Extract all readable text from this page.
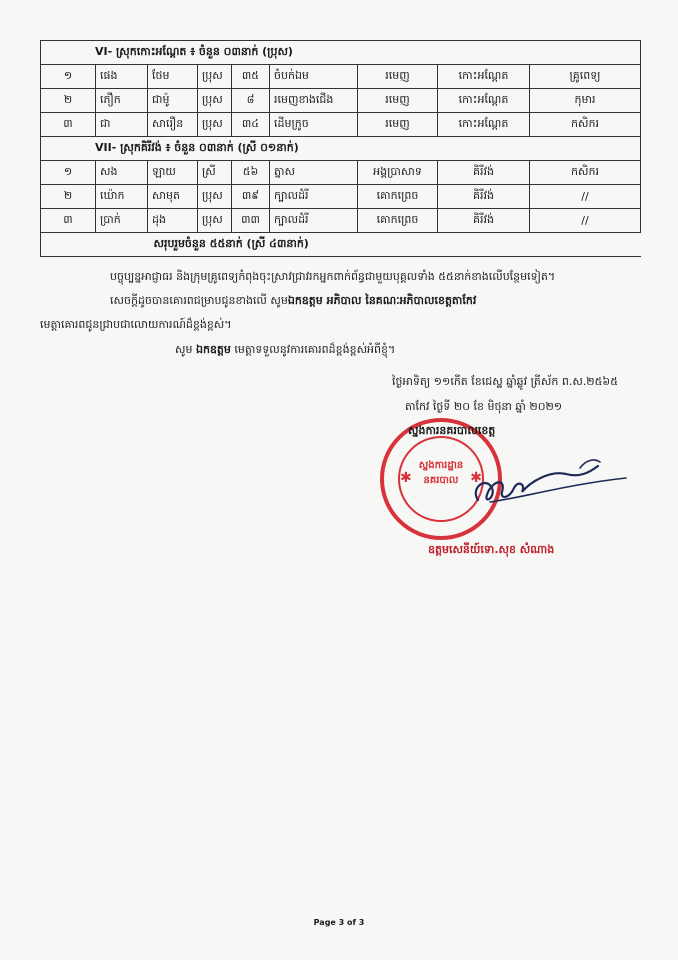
VI- ស្រុកកោះអណ្តែត ៖ ចំនួន ០៣នាក់ (ប្រុស)								
១	ផេង	ថែម	ប្រុស	៣៥	ចំបក់ឯម	រមេញ	កោះអណ្តែត	គ្រូពេទ្យ
២	ភឿក	ជាម៉ូ	ប្រុស	៨	រមេញខាងជើង	រមេញ	កោះអណ្តែត	កុមារ
៣	ជា	សារឿន	ប្រុស	៣៤	ដើមក្រូច	រមេញ	កោះអណ្តែត	កសិករ
VII- ស្រុកគិរីវង់ ៖ ចំនួន ០៣នាក់ (ស្រី ០១នាក់)								
១	សង	ឡាយ	ស្រី	៥៦	ត្នាស	អង្គប្រាសាទ	គិរីវង់	កសិករ
២	ឃ៉ោក	សាមុត	ប្រុស	៣៩	ក្បាលដំរី	គោកព្រេច	គិរីវង់	//
៣	ប្រាក់	ដុង	ប្រុស	៣៣	ក្បាលដំរី	គោកព្រេច	គិរីវង់	//
	សរុបរួមចំនួន ៥៥នាក់ (ស្រី ៤៣នាក់)							
បច្ចុប្បន្នអាជ្ញាធរ និងក្រុមគ្រូពេទ្យកំពុងចុះស្រាវជ្រាវរកអ្នកពាក់ព័ន្ធជាមួយបុគ្គលទាំង ៥៥នាក់ខាងលើបន្ថែមទៀត។
សេចក្តីដូចបានគោរពជម្រាបជូនខាងលើ សូមឯកឧត្តម អភិបាល នៃគណៈអភិបាលខេត្តតាកែវ
មេត្តាគោរពជូនជ្រាបជាលោយការណ៍ដ៏ខ្ពង់ខ្ពស់។
សូម ឯកឧត្តម មេត្តាទទួលនូវការគោរពដ៏ខ្ពង់ខ្ពស់អំពីខ្ញុំ។
ថ្ងៃអាទិត្យ ១១កើត ខែជេស្ឋ ឆ្នាំឆ្លូវ ត្រីស័ក ព.ស.២៥៦៥
តាកែវ ថ្ងៃទី ២០ ខែ មិថុនា ឆ្នាំ ២០២១
✱	✱
ស្នងការដ្ឋាន
នគរបាល
ស្នងការនគរបាលខេត្ត
ឧត្តមសេនីយ៍ទោ.សុខ សំណាង
Page 3 of 3
